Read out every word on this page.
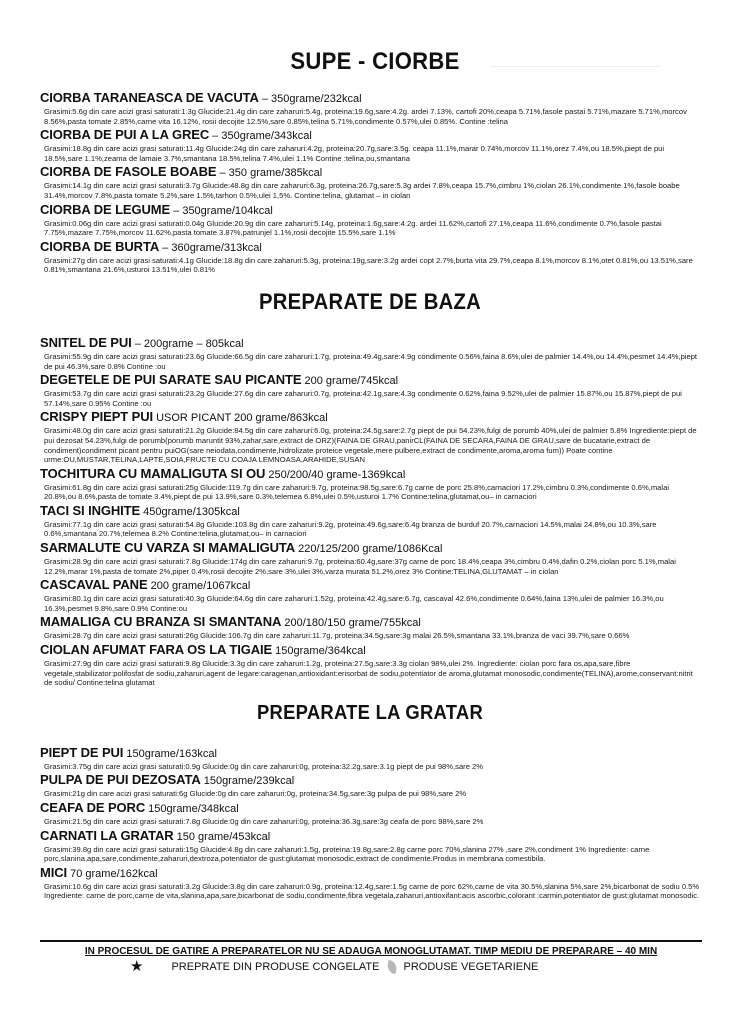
SUPE - CIORBE
CIORBA TARANEASCA DE VACUTA – 350grame/232kcal
Grasimi:5.6g din care acizi grasi saturati:1.3g Glucide:21.4g din care zaharuri:5.4g, proteina:19.6g,sare:4.2g. ardei 7.13%, cartofi 20%,ceapa 5.71%,fasole pastai 5.71%,mazare 5.71%,morcov 8.56%,pasta tomate 2.85%,carne vita 16.12%, rosii decojite 12.5%,sare 0.85%,telina 5.71%,condimente 0.57%,ulei 0.85%. Contine :telina
CIORBA DE PUI A LA GREC – 350grame/343kcal
Grasimi:18.8g din care acizi grasi saturati:11.4g Glucide:24g din care zaharuri:4.2g, proteina:20.7g,sare:3.5g. ceapa 11.1%,marar 0.74%,morcov 11.1%,orez 7.4%,ou 18.5%,piept de pui 18.5%,sare 1.1%,zeama de lamaie 3.7%,smantana 18.5%,telina 7.4%,ulei 1.1% Contine :telina,ou,smantana
CIORBA DE FASOLE BOABE – 350 grame/385kcal
Grasimi:14.1g din care acizi grasi saturati:3.7g Glucide:48.8g din care zaharuri:6.3g, proteina:26.7g,sare:5.3g ardei 7.8%,ceapa 15.7%,cimbru 1%,ciolan 26.1%,condimente 1%,fasole boabe 31.4%,morcov 7.8%,pasta tomate 5.2%,sare 1.5%,tarhon 0.5%,ulei 1,5%. Contine:telina, glutamat – in ciolan
CIORBA DE LEGUME – 350grame/104kcal
Grasimi:0.06g din care acizi grasi saturati:0.04g Glucide:20.9g din care zaharuri:5.14g, proteina:1.6g,sare:4.2g. ardei 11.62%,cartofi 27.1%,ceapa 11.6%,condimente 0.7%,fasole pastai 7.75%,mazare 7.75%,morcov 11.62%,pasta tomate 3.87%,patrunjel 1.1%,rosii decojite 15.5%,sare 1.1%
CIORBA DE BURTA – 360grame/313kcal
Grasimi:27g din care acizi grasi saturati:4.1g Glucide:18.8g din care zaharuri:5.3g, proteina:19g,sare:3.2g ardei copt 2.7%,burta vita 29.7%,ceapa 8.1%,morcov 8.1%,otet 0.81%,ou 13.51%,sare 0.81%,smantana 21.6%,usturoi 13.51%,ulei 0.81%
PREPARATE DE BAZA
SNITEL DE PUI – 200grame – 805kcal
Grasimi:55.9g din care acizi grasi saturati:23.6g Glucide:66.5g din care zaharuri:1.7g, proteina:49.4g,sare:4.9g condimente 0.56%,faina 8.6%,ulei de palmier 14.4%,ou 14.4%,pesmet 14.4%,piept de pui 46.3%,sare 0.8% Contine :ou
DEGETELE DE PUI SARATE SAU PICANTE 200 grame/745kcal
Grasimi:53.7g din care acizi grasi saturati:23.2g Glucide:27.6g din care zaharuri:0.7g, proteina:42.1g,sare:4.3g condimente 0.62%,faina 9.52%,ulei de palmier 15.87%,ou 15.87%,piept de pui 57.14%,sare 0.95% Contine :ou
CRISPY PIEPT PUI USOR PICANT 200 grame/863kcal
Grasimi:48.0g din care acizi grasi saturati:21.2g Glucide:84.5g din care zaharuri:6.0g, proteina:24.5g,sare:2.7g piept de pui 54.23%,fulgi de porumb 40%,ulei de palmier 5.8% Ingrediente:piept de pui dezosat 54.23%,fulgi de porumb(porumb maruntit 93%,zahar,sare,extract de ORZ)(FAINA DE GRAU,panirCL(FAINA DE SECARA,FAINA DE GRAU,sare de bucatarie,extract de condiment)condiment picant pentru puiOG(sare neiodata,condimente,hidrolizate proteice vegetale,mere pulbere,extract de condimente,aroma,aroma fum)) Poate contine urme:OU,MUSTAR,TELINA,LAPTE,SOIA,FRUCTE CU COAJA LEMNOASA,ARAHIDE,SUSAN
TOCHITURA CU MAMALIGUTA SI OU 250/200/40 grame-1369kcal
Grasimi:61.8g din care acizi grasi saturati:25g Glucide:119.7g din care zaharuri:9.7g, proteina:98.5g,sare:6.7g carne de porc 25.8%,carnaciori 17.2%,cimbru 0.3%,condimente 0.6%,malai 20.8%,ou 8.6%,pasta de tomate 3.4%,piept de pui 13.9%,sare 0.3%,telemea 6.8%,ulei 0.5%,usturoi 1.7% Contine:telina,glutamat,ou– in carnaciori
TACI SI INGHITE 450grame/1305kcal
Grasimi:77.1g din care acizi grasi saturati:54.8g Glucide:103.8g din care zaharuri:9.2g, proteina:49.6g,sare:6.4g branza de burduf 20.7%,carnaciori 14.5%,malai 24.8%,ou 10.3%,sare 0.6%,smantana 20.7%,telemea 8.2% Contine:telina,glutamat,ou– in carnaciori
SARMALUTE CU VARZA SI MAMALIGUTA 220/125/200 grame/1086Kcal
Grasimi:28.9g din care acizi grasi saturati:7.8g Glucide:174g din care zaharuri:9.7g, proteina:60.4g,sare:37g carne de porc 18.4%,ceapa 3%,cimbru 0.4%,dafin 0.2%,ciolan porc 5.1%,malai 12.2%,marar 1%,pasta de tomate 2%,piper 0.4%,rosii decojite 2%,sare 3%,ulei 3%,varza murata 51.2%,orez 3% Contine:TELINA,GLUTAMAT – in ciolan
CASCAVAL PANE 200 grame/1067kcal
Grasimi:80.1g din care acizi grasi saturati:40.3g Glucide:64.6g din care zaharuri:1.52g, proteina:42.4g,sare:6.7g, cascaval 42.6%,condimente 0.64%,faina 13%,ulei de palmier 16.3%,ou 16.3%,pesmet 9.8%,sare 0.9% Contine:ou
MAMALIGA CU BRANZA SI SMANTANA 200/180/150 grame/755kcal
Grasimi:28.7g din care acizi grasi saturati:26g Glucide:106.7g din care zaharuri:11.7g, proteina:34.5g,sare:3g malai 26.5%,smantana 33.1%,branza de vaci 39.7%,sare 0.66%
CIOLAN AFUMAT FARA OS LA TIGAIE 150grame/364kcal
Grasimi:27.9g din care acizi grasi saturati:9.8g Glucide:3.3g din care zaharuri:1.2g, proteina:27.5g,sare:3.3g ciolan 98%,ulei 2%. Ingrediente: ciolan porc fara os,apa,sare,fibre vegetale,stabilizator:polifosfat de sodiu,zaharuri,agent de legare:caragenan,antioxidant:erisorbat de sodiu,potentiator de aroma,glutamat monosodic,condimente(TELINA),arome,conservant:nitrit de sodiu/ Contine:telina glutamat
PREPARATE LA GRATAR
PIEPT DE PUI 150grame/163kcal
Grasimi:3.75g din care acizi grasi saturati:0.9g Glucide:0g din care zaharuri:0g, proteina:32.2g,sare:3.1g piept de pui 98%,sare 2%
PULPA DE PUI DEZOSATA 150grame/239kcal
Grasimi:21g din care acizi grasi saturati:6g Glucide:0g din care zaharuri:0g, proteina:34.5g,sare:3g pulpa de pui 98%,sare 2%
CEAFA DE PORC 150grame/348kcal
Grasimi:21.5g din care acizi grasi saturati:7.8g Glucide:0g din care zaharuri:0g, proteina:36.3g,sare:3g ceafa de porc 98%,sare 2%
CARNATI LA GRATAR 150 grame/453kcal
Grasimi:39.8g din care acizi grasi saturati:15g Glucide:4.8g din care zaharuri:1.5g, proteina:19.8g,sare:2.8g carne porc 70%,slanina 27% ,sare 2%,condiment 1% Ingrediente: carne porc,slanina,apa,sare,condimente,zaharuri,dextroza,potentiator de gust:glutamat monosodic,extract de condimente.Produs in membrana comestibila.
MICI 70 grame/162kcal
Grasimi:10.6g din care acizi grasi saturati:3.2g Glucide:3.8g din care zaharuri:0.9g, proteina:12.4g,sare:1.5g carne de porc 62%,carne de vita 30.5%,slanina 5%,sare 2%,bicarbonat de sodiu 0.5% Ingrediente: carne de porc,carne de vita,slanina,apa,sare,bicarbonat de sodiu,condimente,fibra vegetala,zaharuri,antioxifant:acis ascorbic,colorant :carmin,potentiator de gust:glutamat monosodic.
IN PROCESUL DE GATIRE A PREPARATELOR NU SE ADAUGA MONOGLUTAMAT. TIMP MEDIU DE PREPARARE – 40 MIN
★	PREPRATE DIN PRODUSE CONGELATE PRODUSE VEGETARIENE
